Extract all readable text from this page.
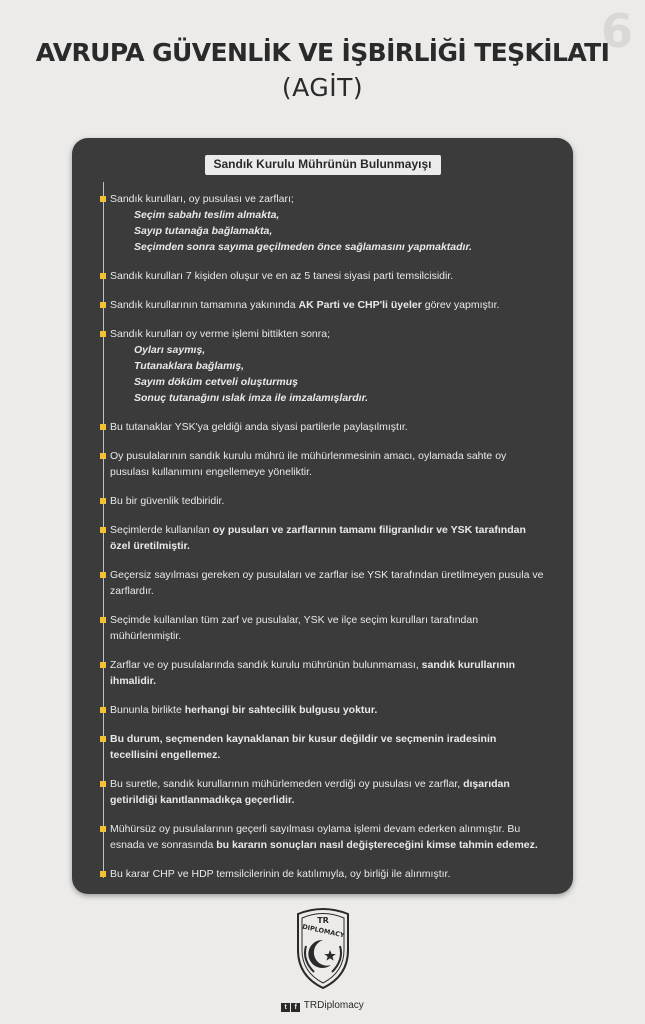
6
AVRUPA GÜVENLİK VE İŞBİRLİĞİ TEŞKİLATI
(AGİT)
Sandık Kurulu Mührünün Bulunmayışı
Sandık kurulları, oy pusulası ve zarfları;
Seçim sabahı teslim almakta,
Sayıp tutanağa bağlamakta,
Seçimden sonra sayıma geçilmeden önce sağlamasını yapmaktadır.
Sandık kurulları 7 kişiden oluşur ve en az 5 tanesi siyasi parti temsilcisidir.
Sandık kurullarının tamamına yakınında AK Parti ve CHP'li üyeler görev yapmıştır.
Sandık kurulları oy verme işlemi bittikten sonra;
Oyları saymış,
Tutanaklara bağlamış,
Sayım döküm cetveli oluşturmuş
Sonuç tutanağını ıslak imza ile imzalamışlardır.
Bu tutanaklar YSK'ya geldiği anda siyasi partilerle paylaşılmıştır.
Oy pusulalarının sandık kurulu mührü ile mühürlenmesinin amacı, oylamada sahte oy pusulası kullanımını engellemeye yöneliktir.
Bu bir güvenlik tedbiridir.
Seçimlerde kullanılan oy pusuları ve zarflarının tamamı filigranlıdır ve YSK tarafından özel üretilmiştir.
Geçersiz sayılması gereken oy pusulaları ve zarflar ise YSK tarafından üretilmeyen pusula ve zarflardır.
Seçimde kullanılan tüm zarf ve pusulalar, YSK ve ilçe seçim kurulları tarafından mühürlenmiştir.
Zarflar ve oy pusulalarında sandık kurulu mührünün bulunmaması, sandık kurullarının ihmalidir.
Bununla birlikte herhangi bir sahtecilik bulgusu yoktur.
Bu durum, seçmenden kaynaklanan bir kusur değildir ve seçmenin iradesinin tecellisini engellemez.
Bu suretle, sandık kurullarının mühürlemeden verdiği oy pusulası ve zarflar, dışarıdan getirildiği kanıtlanmadıkça geçerlidir.
Mühürsüz oy pusulalarının geçerli sayılması oylama işlemi devam ederken alınmıştır. Bu esnada ve sonrasında bu kararın sonuçları nasıl değiştereceğini kimse tahmin edemez.
Bu karar CHP ve HDP temsilcilerinin de katılımıyla, oy birliği ile alınmıştır.
TR
DIPLOMACY
t f TRDiplomacy
